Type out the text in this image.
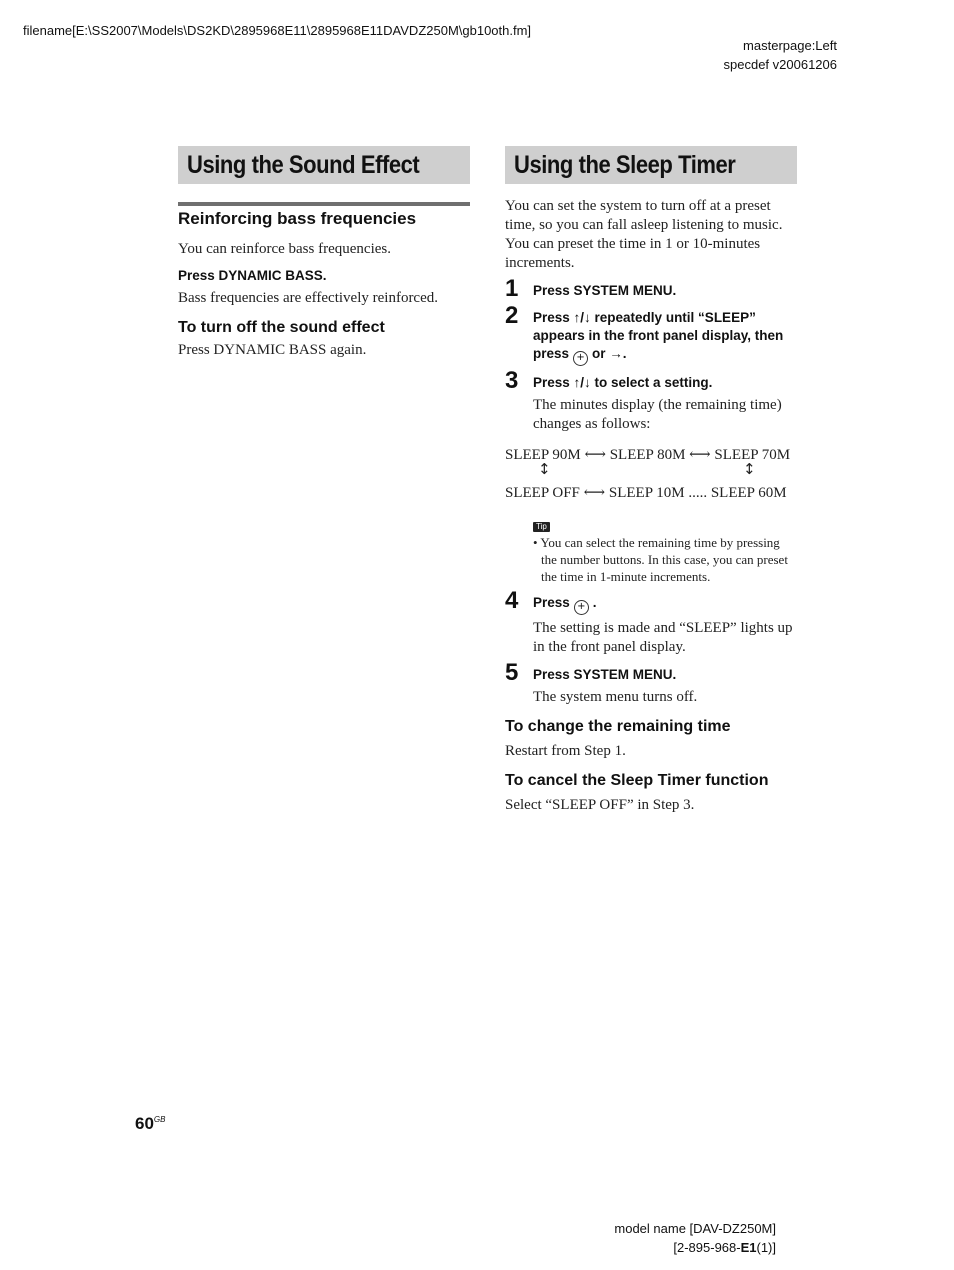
filename[E:\SS2007\Models\DS2KD\2895968E11\2895968E11DAVDZ250M\gb10oth.fm]
masterpage:Left
specdef v20061206
Using the Sound Effect
Reinforcing bass frequencies
You can reinforce bass frequencies.
Press DYNAMIC BASS.
Bass frequencies are effectively reinforced.
To turn off the sound effect
Press DYNAMIC BASS again.
Using the Sleep Timer
You can set the system to turn off at a preset time, so you can fall asleep listening to music. You can preset the time in 1 or 10-minutes increments.
1 Press SYSTEM MENU.
2 Press ↑/↓ repeatedly until “SLEEP” appears in the front panel display, then press + or →.
3 Press ↑/↓ to select a setting.
The minutes display (the remaining time) changes as follows:
SLEEP 90M ⟷ SLEEP 80M ⟷ SLEEP 70M
↕	↕
SLEEP OFF ⟷ SLEEP 10M ..... SLEEP 60M
Tip
• You can select the remaining time by pressing the number buttons. In this case, you can preset the time in 1-minute increments.
4 Press + .
The setting is made and “SLEEP” lights up in the front panel display.
5 Press SYSTEM MENU.
The system menu turns off.
To change the remaining time
Restart from Step 1.
To cancel the Sleep Timer function
Select “SLEEP OFF” in Step 3.
$60^{GB}$
model name [DAV-DZ250M]
[2-895-968-E1(1)]
